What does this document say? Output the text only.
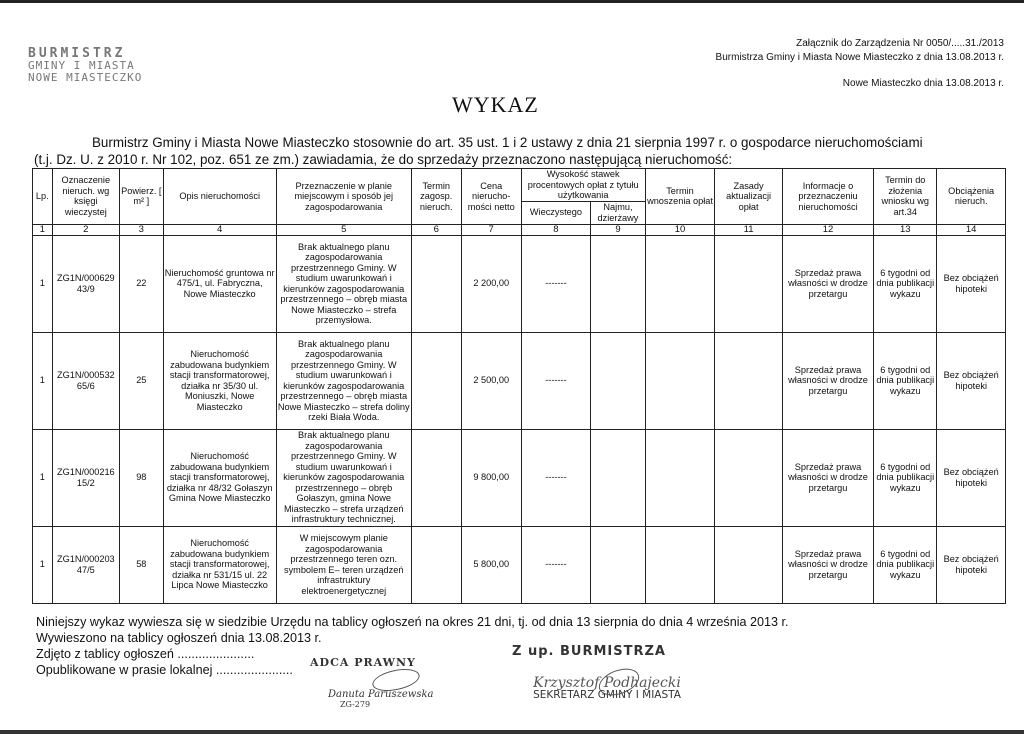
BURMISTRZ
GMINY I MIASTA
NOWE MIASTECZKO
Załącznik do Zarządzenia Nr 0050/.....31./2013
Burmistrza Gminy i Miasta Nowe Miasteczko z dnia 13.08.2013 r.
Nowe Miasteczko dnia 13.08.2013 r.
WYKAZ
Burmistrz Gminy i Miasta Nowe Miasteczko stosownie do art. 35 ust. 1 i 2 ustawy z dnia 21 sierpnia 1997 r. o gospodarce nieruchomościami
(t.j. Dz. U. z 2010 r. Nr 102, poz. 651 ze zm.) zawiadamia, że do sprzedaży przeznaczono następującą nieruchomość:
Lp.	Oznaczenie nieruch. wg księgi wieczystej	Powierz. [ m² ]	Opis nieruchomości	Przeznaczenie w planie miejscowym i sposób jej zagospodarowania	Termin zagosp. nieruch.	Cena nierucho- mości netto	Wysokość stawek procentowych opłat z tytułu użytkowania		Termin wnoszenia opłat	Zasady aktualizacji opłat	Informacje o przeznaczeniu nieruchomości	Termin do złożenia wniosku wg art.34	Obciążenia nieruch.
							Wieczystego	Najmu, dzierżawy					
1	2	3	4	5	6	7	8	9	10	11	12	13	14
1	ZG1N/000629 43/9	22	Nieruchomość gruntowa nr 475/1, ul. Fabryczna, Nowe Miasteczko	Brak aktualnego planu zagospodarowania przestrzennego Gminy. W studium uwarunkowań i kierunków zagospodarowania przestrzennego – obręb miasta Nowe Miasteczko – strefa przemysłowa.		2 200,00	-------				Sprzedaż prawa własności w drodze przetargu	6 tygodni od dnia publikacji wykazu	Bez obciążeń hipoteki
1	ZG1N/000532 65/6	25	Nieruchomość zabudowana budynkiem stacji transformatorowej, działka nr 35/30 ul. Moniuszki, Nowe Miasteczko	Brak aktualnego planu zagospodarowania przestrzennego Gminy. W studium uwarunkowań i kierunków zagospodarowania przestrzennego – obręb miasta Nowe Miasteczko – strefa doliny rzeki Biała Woda.		2 500,00	-------				Sprzedaż prawa własności w drodze przetargu	6 tygodni od dnia publikacji wykazu	Bez obciążeń hipoteki
1	ZG1N/000216 15/2	98	Nieruchomość zabudowana budynkiem stacji transformatorowej, działka nr 48/32 Gołaszyn Gmina Nowe Miasteczko	Brak aktualnego planu zagospodarowania przestrzennego Gminy. W studium uwarunkowań i kierunków zagospodarowania przestrzennego – obręb Gołaszyn, gmina Nowe Miasteczko – strefa urządzeń infrastruktury technicznej.		9 800,00	-------				Sprzedaż prawa własności w drodze przetargu	6 tygodni od dnia publikacji wykazu	Bez obciążeń hipoteki
1	ZG1N/000203 47/5	58	Nieruchomość zabudowana budynkiem stacji transformatorowej, działka nr 531/15 ul. 22 Lipca Nowe Miasteczko	W miejscowym planie zagospodarowania przestrzennego teren ozn. symbolem E– teren urządzeń infrastruktury elektroenergetycznej		5 800,00	-------				Sprzedaż prawa własności w drodze przetargu	6 tygodni od dnia publikacji wykazu	Bez obciążeń hipoteki
Niniejszy wykaz wywiesza się w siedzibie Urzędu na tablicy ogłoszeń na okres 21 dni, tj. od dnia 13 sierpnia do dnia 4 września 2013 r.
Wywieszono na tablicy ogłoszeń dnia 13.08.2013 r.
Zdjęto z tablicy ogłoszeń ......................
Opublikowane w prasie lokalnej ......................
ADCA PRAWNY
Danuta Paruszewska
ZG-279
Z up. BURMISTRZA
Krzysztof Podhajecki
SEKRETARZ GMINY I MIASTA
